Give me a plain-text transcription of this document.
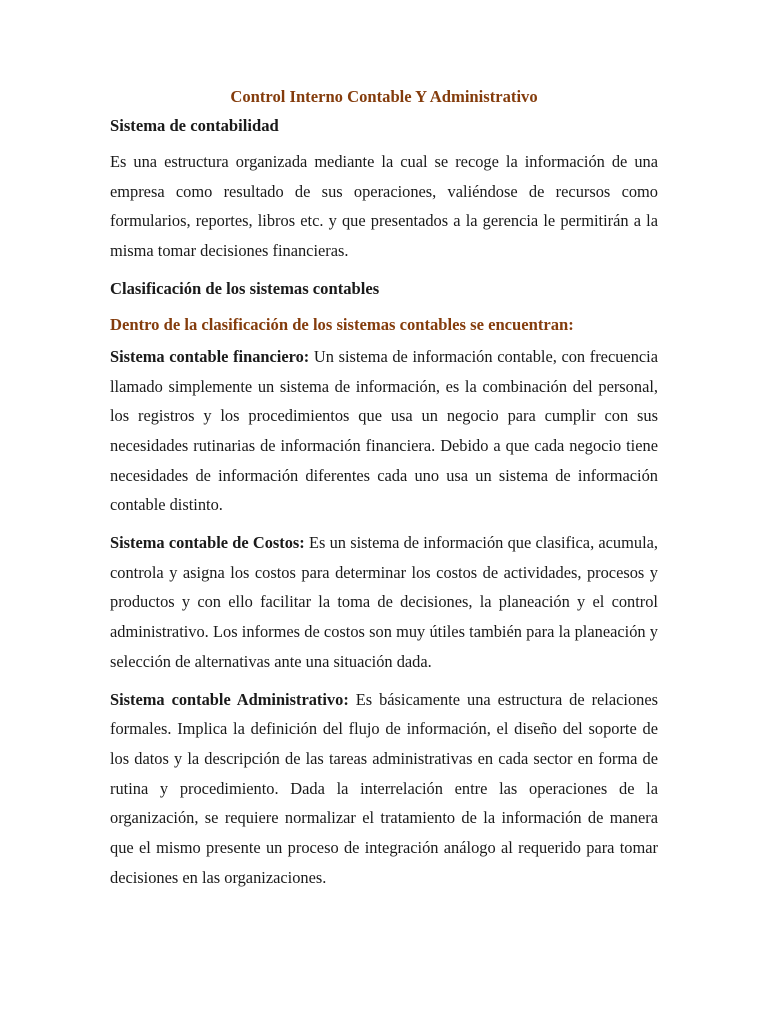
Control Interno Contable Y Administrativo
Sistema de contabilidad

Es una estructura organizada mediante la cual se recoge la información de una empresa como resultado de sus operaciones, valiéndose de recursos como formularios, reportes, libros etc. y que presentados a la gerencia le permitirán a la misma tomar decisiones financieras.

Clasificación de los sistemas contables
Dentro de la clasificación de los sistemas contables se encuentran:

Sistema contable financiero: Un sistema de información contable, con frecuencia llamado simplemente un sistema de información, es la combinación del personal, los registros y los procedimientos que usa un negocio para cumplir con sus necesidades rutinarias de información financiera. Debido a que cada negocio tiene necesidades de información diferentes cada uno usa un sistema de información contable distinto.

Sistema contable de Costos: Es un sistema de información que clasifica, acumula, controla y asigna los costos para determinar los costos de actividades, procesos y productos y con ello facilitar la toma de decisiones, la planeación y el control administrativo. Los informes de costos son muy útiles también para la planeación y selección de alternativas ante una situación dada.

Sistema contable Administrativo: Es básicamente una estructura de relaciones formales. Implica la definición del flujo de información, el diseño del soporte de los datos y la descripción de las tareas administrativas en cada sector en forma de rutina y procedimiento. Dada la interrelación entre las operaciones de la organización, se requiere normalizar el tratamiento de la información de manera que el mismo presente un proceso de integración análogo al requerido para tomar decisiones en las organizaciones.
